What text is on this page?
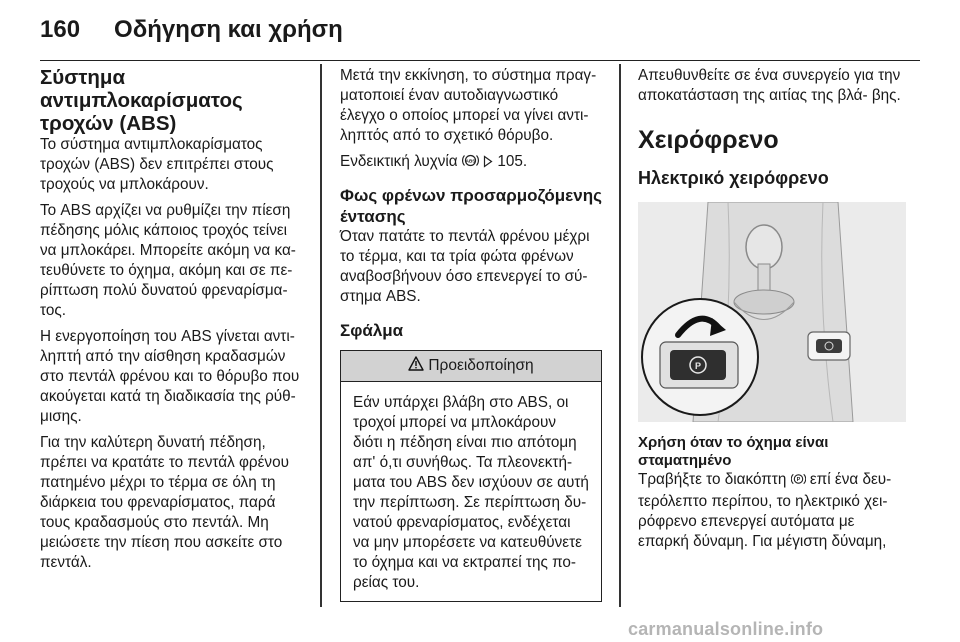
160 Οδήγηση και χρήση
Σύστημα αντιμπλοκαρίσματος τροχών (ABS)

Το σύστημα αντιμπλοκαρίσματος τροχών (ABS) δεν επιτρέπει στους τροχούς να μπλοκάρουν.

Το ABS αρχίζει να ρυθμίζει την πίεση πέδησης μόλις κάποιος τροχός τείνει να μπλοκάρει. Μπορείτε ακόμη να κα- τευθύνετε το όχημα, ακόμη και σε πε- ρίπτωση πολύ δυνατού φρεναρίσμα- τος.

Η ενεργοποίηση του ABS γίνεται αντι- ληπτή από την αίσθηση κραδασμών στο πεντάλ φρένου και το θόρυβο που ακούγεται κατά τη διαδικασία της ρύθ- μισης.

Για την καλύτερη δυνατή πέδηση, πρέπει να κρατάτε το πεντάλ φρένου πατημένο μέχρι το τέρμα σε όλη τη διάρκεια του φρεναρίσματος, παρά τους κραδασμούς στο πεντάλ. Μη μειώσετε την πίεση που ασκείτε στο πεντάλ.

Μετά την εκκίνηση, το σύστημα πραγ- ματοποιεί έναν αυτοδιαγνωστικό έλεγχο ο οποίος μπορεί να γίνει αντι- ληπτός από το σχετικό θόρυβο.

Ενδεικτική λυχνία ABS 105.

Φως φρένων προσαρμοζόμενης έντασης

Όταν πατάτε το πεντάλ φρένου μέχρι το τέρμα, και τα τρία φώτα φρένων αναβοσβήνουν όσο επενεργεί το σύ- στημα ABS.

Σφάλμα
Προειδοποίηση

Εάν υπάρχει βλάβη στο ABS, οι τροχοί μπορεί να μπλοκάρουν διότι η πέδηση είναι πιο απότομη απ' ό,τι συνήθως. Τα πλεονεκτή- ματα του ABS δεν ισχύουν σε αυτή την περίπτωση. Σε περίπτωση δυ- νατού φρεναρίσματος, ενδέχεται να μην μπορέσετε να κατευθύνετε το όχημα και να εκτραπεί της πο- ρείας του.

Απευθυνθείτε σε ένα συνεργείο για την αποκατάσταση της αιτίας της βλά- βης.

Χειρόφρενο
Ηλεκτρικό χειρόφρενο
P
Χρήση όταν το όχημα είναι σταματημένο

Τραβήξτε το διακόπτη P επί ένα δευ- τερόλεπτο περίπου, το ηλεκτρικό χει- ρόφρενο επενεργεί αυτόματα με επαρκή δύναμη. Για μέγιστη δύναμη,

carmanualsonline.info
